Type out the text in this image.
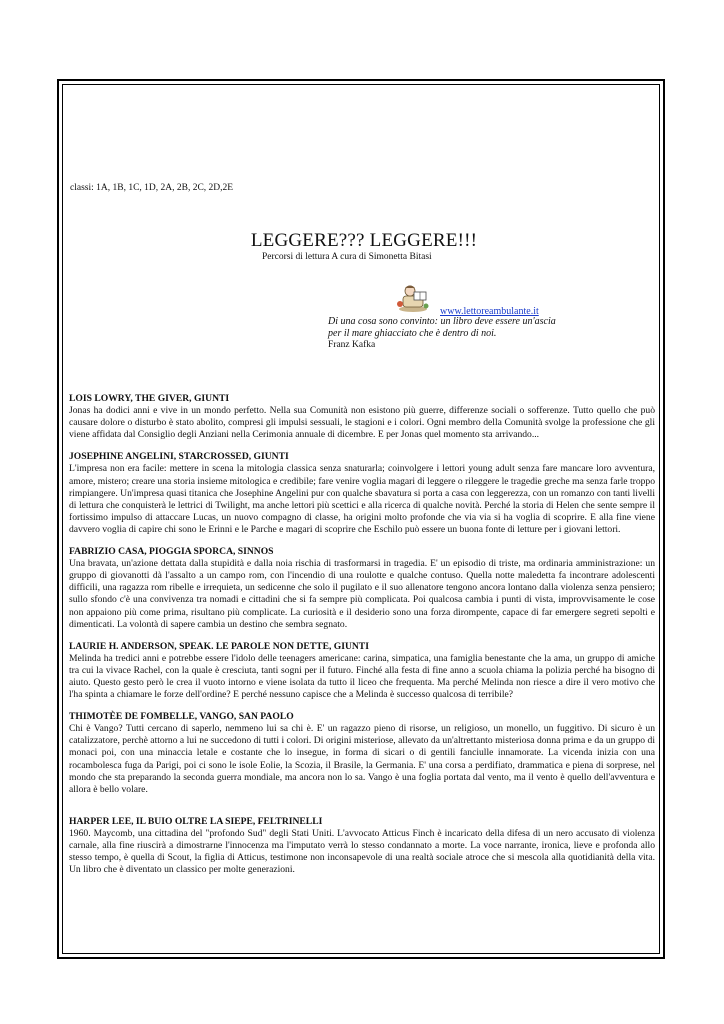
classi: 1A, 1B, 1C, 1D, 2A, 2B, 2C, 2D,2E
LEGGERE??? LEGGERE!!!
Percorsi di lettura A cura di Simonetta Bitasi
www.lettoreambulante.it
Di una cosa sono convinto: un libro deve essere un'ascia
per il mare ghiacciato che è dentro di noi.
Franz Kafka
LOIS LOWRY, THE GIVER, GIUNTI

Jonas ha dodici anni e vive in un mondo perfetto. Nella sua Comunità non esistono più guerre, differenze sociali o sofferenze. Tutto quello che può causare dolore o disturbo è stato abolito, compresi gli impulsi sessuali, le stagioni e i colori. Ogni membro della Comunità svolge la professione che gli viene affidata dal Consiglio degli Anziani nella Cerimonia annuale di dicembre. E per Jonas quel momento sta arrivando...

JOSEPHINE ANGELINI, STARCROSSED, GIUNTI

L'impresa non era facile: mettere in scena la mitologia classica senza snaturarla; coinvolgere i lettori young adult senza fare mancare loro avventura, amore, mistero; creare una storia insieme mitologica e credibile; fare venire voglia magari di leggere o rileggere le tragedie greche ma senza farle troppo rimpiangere. Un'impresa quasi titanica che Josephine Angelini pur con qualche sbavatura si porta a casa con leggerezza, con un romanzo con tanti livelli di lettura che conquisterà le lettrici di Twilight, ma anche lettori più scettici e alla ricerca di qualche novità. Perché la storia di Helen che sente sempre il fortissimo impulso di attaccare Lucas, un nuovo compagno di classe, ha origini molto profonde che via via si ha voglia di scoprire. E alla fine viene davvero voglia di capire chi sono le Erinni e le Parche e magari di scoprire che Eschilo può essere un buona fonte di letture per i giovani lettori.

FABRIZIO CASA, PIOGGIA SPORCA, SINNOS

Una bravata, un'azione dettata dalla stupidità e dalla noia rischia di trasformarsi in tragedia. E' un episodio di triste, ma ordinaria amministrazione: un gruppo di giovanotti dà l'assalto a un campo rom, con l'incendio di una roulotte e qualche contuso. Quella notte maledetta fa incontrare adolescenti difficili, una ragazza rom ribelle e irrequieta, un sedicenne che solo il pugilato e il suo allenatore tengono ancora lontano dalla violenza senza pensiero; sullo sfondo c'è una convivenza tra nomadi e cittadini che si fa sempre più complicata. Poi qualcosa cambia i punti di vista, improvvisamente le cose non appaiono più come prima, risultano più complicate. La curiosità e il desiderio sono una forza dirompente, capace di far emergere segreti sepolti e dimenticati. La volontà di sapere cambia un destino che sembra segnato.

LAURIE H. ANDERSON, SPEAK. LE PAROLE NON DETTE, GIUNTI

Melinda ha tredici anni e potrebbe essere l'idolo delle teenagers americane: carina, simpatica, una famiglia benestante che la ama, un gruppo di amiche tra cui la vivace Rachel, con la quale è cresciuta, tanti sogni per il futuro. Finché alla festa di fine anno a scuola chiama la polizia perché ha bisogno di aiuto. Questo gesto però le crea il vuoto intorno e viene isolata da tutto il liceo che frequenta. Ma perché Melinda non riesce a dire il vero motivo che l'ha spinta a chiamare le forze dell'ordine? E perché nessuno capisce che a Melinda è successo qualcosa di terribile?

THIMOTÈE DE FOMBELLE, VANGO, SAN PAOLO

Chi è Vango? Tutti cercano di saperlo, nemmeno lui sa chi è. E' un ragazzo pieno di risorse, un religioso, un monello, un fuggitivo. Di sicuro è un catalizzatore, perchè attorno a lui ne succedono di tutti i colori. Di origini misteriose, allevato da un'altrettanto misteriosa donna prima e da un gruppo di monaci poi, con una minaccia letale e costante che lo insegue, in forma di sicari o di gentili fanciulle innamorate. La vicenda inizia con una rocambolesca fuga da Parigi, poi ci sono le isole Eolie, la Scozia, il Brasile, la Germania. E' una corsa a perdifiato, drammatica e piena di sorprese, nel mondo che sta preparando la seconda guerra mondiale, ma ancora non lo sa. Vango è una foglia portata dal vento, ma il vento è quello dell'avventura e allora è bello volare.

HARPER LEE, IL BUIO OLTRE LA SIEPE, FELTRINELLI

1960. Maycomb, una cittadina del "profondo Sud" degli Stati Uniti. L'avvocato Atticus Finch è incaricato della difesa di un nero accusato di violenza carnale, alla fine riuscirà a dimostrarne l'innocenza ma l'imputato verrà lo stesso condannato a morte. La voce narrante, ironica, lieve e profonda allo stesso tempo, è quella di Scout, la figlia di Atticus, testimone non inconsapevole di una realtà sociale atroce che si mescola alla quotidianità della vita. Un libro che è diventato un classico per molte generazioni.
